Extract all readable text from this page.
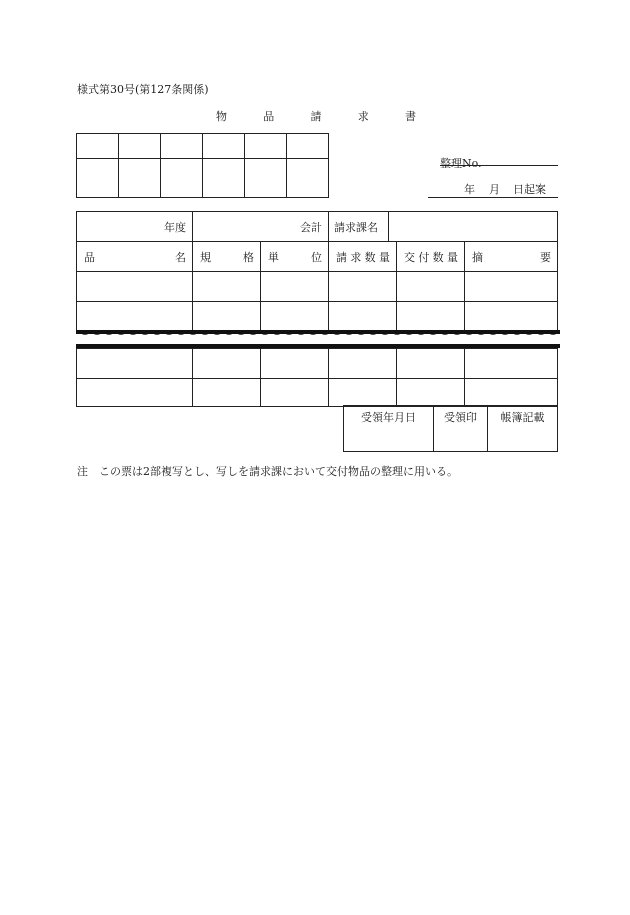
様式第30号(第127条関係)
物	品	請	求	書

整理No.
年 月 日起案
年度	会計		請求課名		

品 名	規 格	単 位	請 求 数 量	交 付 数 量	摘 要

受領年月日	受領印	帳簿記載
注　この票は2部複写とし、写しを請求課において交付物品の整理に用いる。
